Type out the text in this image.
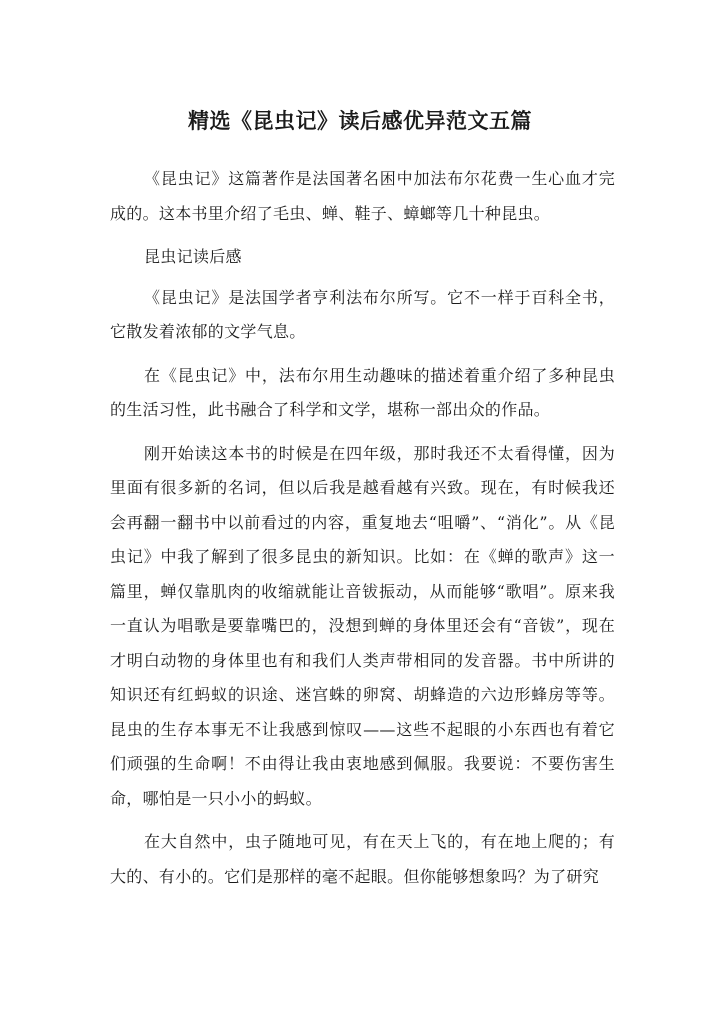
精选《昆虫记》读后感优异范文五篇

《昆虫记》这篇著作是法国著名困中加法布尔花费一生心血才完成的。这本书里介绍了毛虫、蝉、鞋子、蟑螂等几十种昆虫。

昆虫记读后感

《昆虫记》是法国学者亨利法布尔所写。它不一样于百科全书，它散发着浓郁的文学气息。

在《昆虫记》中，法布尔用生动趣味的描述着重介绍了多种昆虫的生活习性，此书融合了科学和文学，堪称一部出众的作品。

刚开始读这本书的时候是在四年级，那时我还不太看得懂，因为里面有很多新的名词，但以后我是越看越有兴致。现在，有时候我还会再翻一翻书中以前看过的内容，重复地去“咀嚼”、“消化”。从《昆虫记》中我了解到了很多昆虫的新知识。比如：在《蝉的歌声》这一篇里，蝉仅靠肌肉的收缩就能让音钹振动，从而能够“歌唱”。原来我一直认为唱歌是要靠嘴巴的，没想到蝉的身体里还会有“音钹”，现在才明白动物的身体里也有和我们人类声带相同的发音器。书中所讲的知识还有红蚂蚁的识途、迷宫蛛的卵窝、胡蜂造的六边形蜂房等等。昆虫的生存本事无不让我感到惊叹——这些不起眼的小东西也有着它们顽强的生命啊！不由得让我由衷地感到佩服。我要说：不要伤害生命，哪怕是一只小小的蚂蚁。

在大自然中，虫子随地可见，有在天上飞的，有在地上爬的；有大的、有小的。它们是那样的毫不起眼。但你能够想象吗？为了研究
